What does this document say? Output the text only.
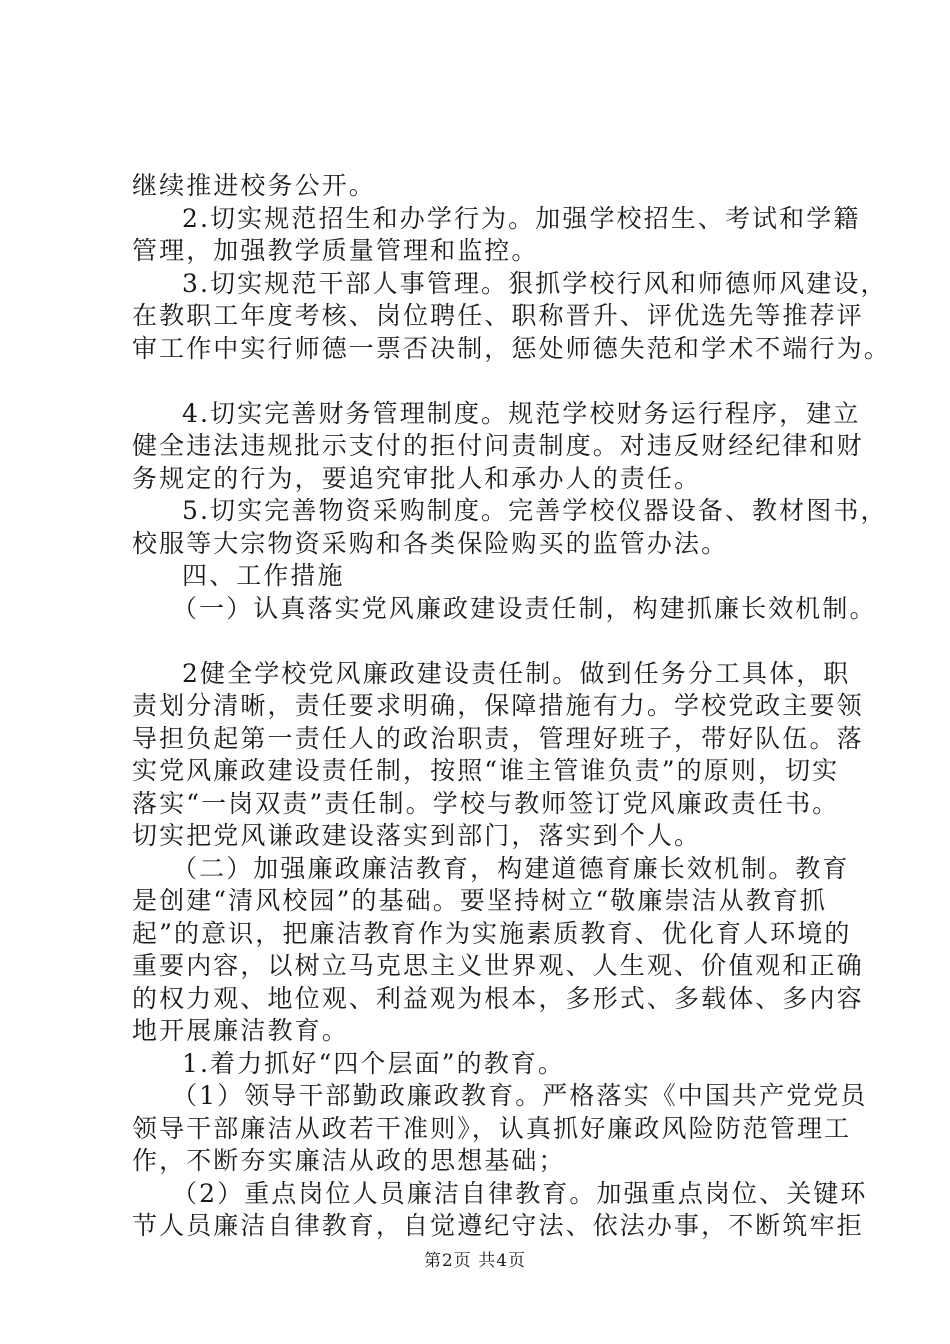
继续推进校务公开。
2.切实规范招生和办学行为。加强学校招生、考试和学籍
管理，加强教学质量管理和监控。
3.切实规范干部人事管理。狠抓学校行风和师德师风建设，
在教职工年度考核、岗位聘任、职称晋升、评优选先等推荐评
审工作中实行师德一票否决制，惩处师德失范和学术不端行为。
4.切实完善财务管理制度。规范学校财务运行程序，建立
健全违法违规批示支付的拒付问责制度。对违反财经纪律和财
务规定的行为，要追究审批人和承办人的责任。
5.切实完善物资采购制度。完善学校仪器设备、教材图书，
校服等大宗物资采购和各类保险购买的监管办法。
四、工作措施
（一）认真落实党风廉政建设责任制，构建抓廉长效机制。
2健全学校党风廉政建设责任制。做到任务分工具体，职
责划分清晰，责任要求明确，保障措施有力。学校党政主要领
导担负起第一责任人的政治职责，管理好班子，带好队伍。落
实党风廉政建设责任制，按照“谁主管谁负责”的原则，切实
落实“一岗双责”责任制。学校与教师签订党风廉政责任书。
切实把党风谦政建设落实到部门，落实到个人。
（二）加强廉政廉洁教育，构建道德育廉长效机制。教育
是创建“清风校园”的基础。要坚持树立“敬廉崇洁从教育抓
起”的意识，把廉洁教育作为实施素质教育、优化育人环境的
重要内容，以树立马克思主义世界观、人生观、价值观和正确
的权力观、地位观、利益观为根本，多形式、多载体、多内容
地开展廉洁教育。
1.着力抓好“四个层面”的教育。
（1）领导干部勤政廉政教育。严格落实《中国共产党党员
领导干部廉洁从政若干准则》，认真抓好廉政风险防范管理工
作，不断夯实廉洁从政的思想基础；
（2）重点岗位人员廉洁自律教育。加强重点岗位、关键环
节人员廉洁自律教育，自觉遵纪守法、依法办事，不断筑牢拒
第2页 共4页
